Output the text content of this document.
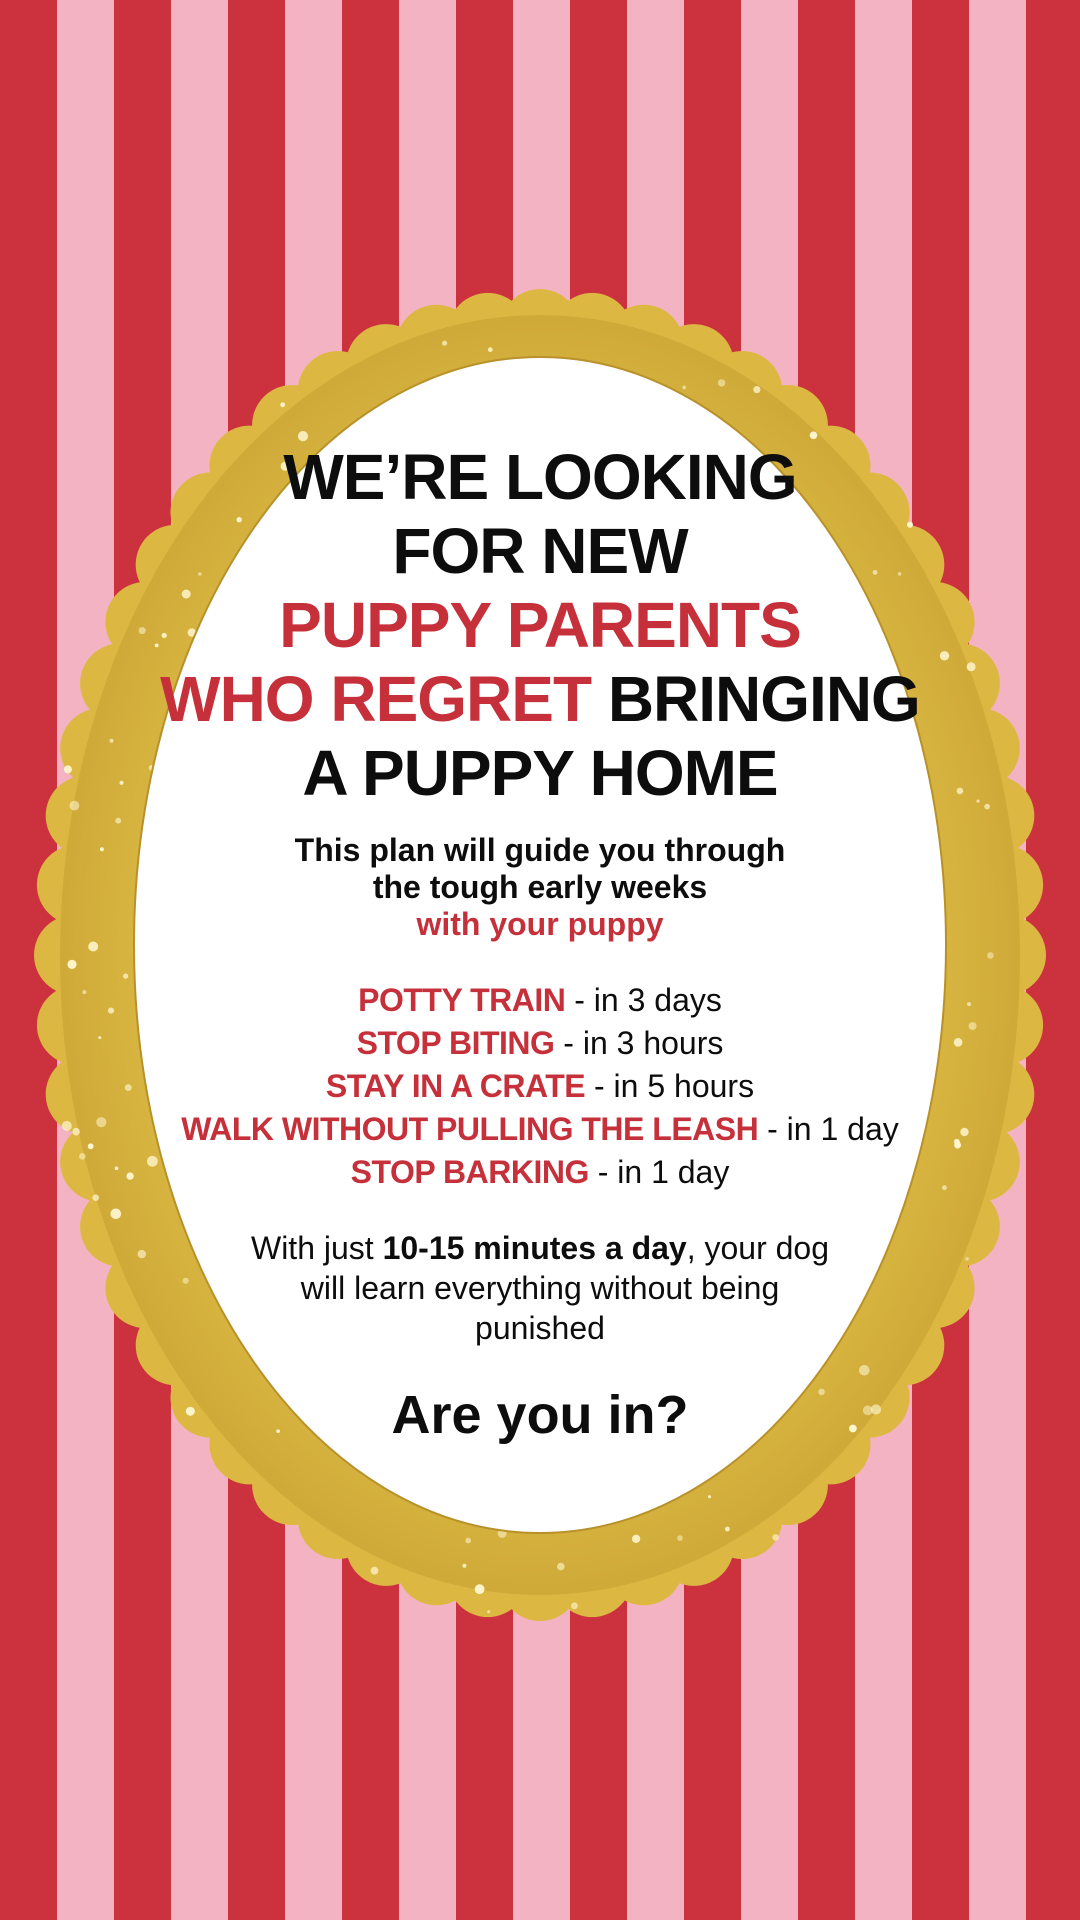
WE’RE LOOKING
FOR NEW
PUPPY PARENTS
WHO REGRET BRINGING
A PUPPY HOME
This plan will guide you through
the tough early weeks
with your puppy
POTTY TRAIN - in 3 days
STOP BITING - in 3 hours
STAY IN A CRATE - in 5 hours
WALK WITHOUT PULLING THE LEASH - in 1 day
STOP BARKING - in 1 day
With just 10-15 minutes a day, your dog
will learn everything without being
punished
Are you in?
